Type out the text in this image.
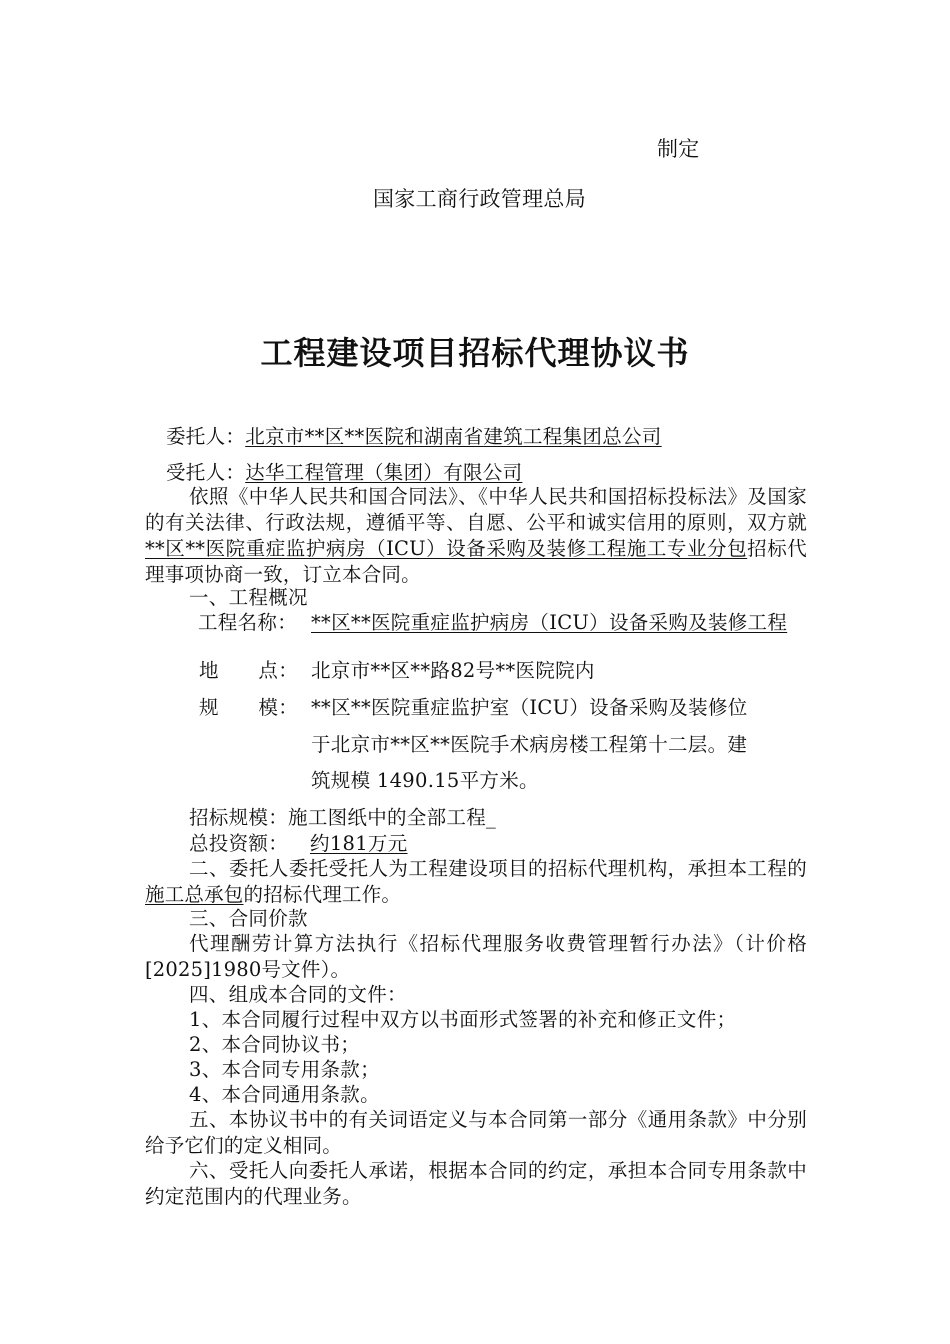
制定
国家工商行政管理总局
工程建设项目招标代理协议书
委托人：北京市**区**医院和湖南省建筑工程集团总公司
受托人：达华工程管理（集团）有限公司
依照《中华人民共和国合同法》、《中华人民共和国招标投标法》及国家的有关法律、行政法规，遵循平等、自愿、公平和诚实信用的原则，双方就**区**医院重症监护病房（ICU）设备采购及装修工程施工专业分包招标代理事项协商一致，订立本合同。
一、工程概况
工程名称： **区**医院重症监护病房（ICU）设备采购及装修工程
地　　点： 北京市**区**路82号**医院院内
规　　模： **区**医院重症监护室（ICU）设备采购及装修位
于北京市**区**医院手术病房楼工程第十二层。建
筑规模 1490.15平方米。
招标规模：施工图纸中的全部工程_
总投资额： 约181万元
二、委托人委托受托人为工程建设项目的招标代理机构，承担本工程的施工总承包的招标代理工作。
三、合同价款
代理酬劳计算方法执行《招标代理服务收费管理暂行办法》（计价格[2025]1980号文件）。
四、组成本合同的文件：
1、本合同履行过程中双方以书面形式签署的补充和修正文件；
2、本合同协议书；
3、本合同专用条款；
4、本合同通用条款。
五、本协议书中的有关词语定义与本合同第一部分《通用条款》中分别给予它们的定义相同。
六、受托人向委托人承诺，根据本合同的约定，承担本合同专用条款中约定范围内的代理业务。
